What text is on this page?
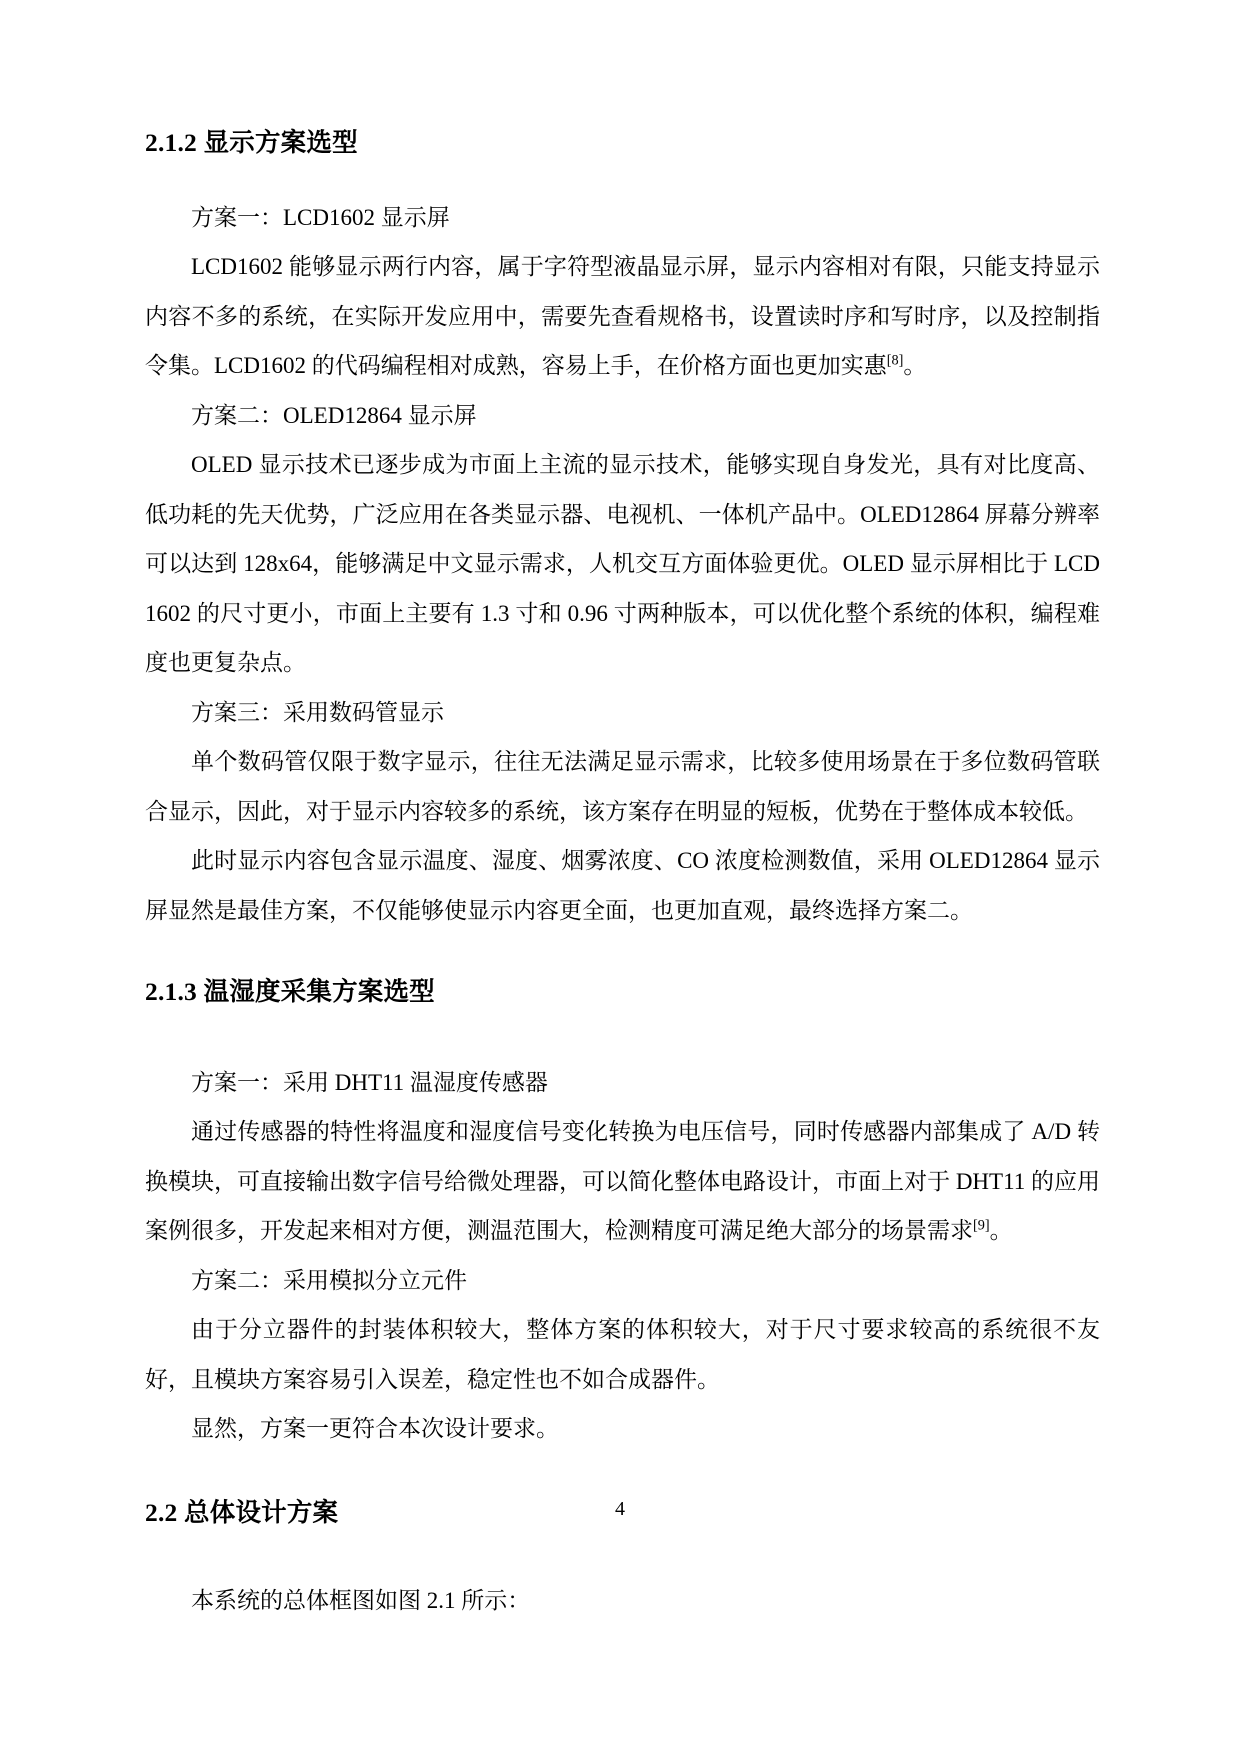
2.1.2 显示方案选型

方案一：LCD1602 显示屏

LCD1602 能够显示两行内容，属于字符型液晶显示屏，显示内容相对有限，只能支持显示内容不多的系统，在实际开发应用中，需要先查看规格书，设置读时序和写时序，以及控制指令集。LCD1602 的代码编程相对成熟，容易上手，在价格方面也更加实惠[8]。

方案二：OLED12864 显示屏

OLED 显示技术已逐步成为市面上主流的显示技术，能够实现自身发光，具有对比度高、低功耗的先天优势，广泛应用在各类显示器、电视机、一体机产品中。OLED12864 屏幕分辨率可以达到 128x64，能够满足中文显示需求，人机交互方面体验更优。OLED 显示屏相比于 LCD1602 的尺寸更小，市面上主要有 1.3 寸和 0.96 寸两种版本，可以优化整个系统的体积，编程难度也更复杂点。

方案三：采用数码管显示

单个数码管仅限于数字显示，往往无法满足显示需求，比较多使用场景在于多位数码管联合显示，因此，对于显示内容较多的系统，该方案存在明显的短板，优势在于整体成本较低。

此时显示内容包含显示温度、湿度、烟雾浓度、CO 浓度检测数值，采用 OLED12864 显示屏显然是最佳方案，不仅能够使显示内容更全面，也更加直观，最终选择方案二。

2.1.3 温湿度采集方案选型

方案一：采用 DHT11 温湿度传感器

通过传感器的特性将温度和湿度信号变化转换为电压信号，同时传感器内部集成了 A/D 转换模块，可直接输出数字信号给微处理器，可以简化整体电路设计，市面上对于 DHT11 的应用案例很多，开发起来相对方便，测温范围大，检测精度可满足绝大部分的场景需求[9]。

方案二：采用模拟分立元件

由于分立器件的封装体积较大，整体方案的体积较大，对于尺寸要求较高的系统很不友好，且模块方案容易引入误差，稳定性也不如合成器件。

显然，方案一更符合本次设计要求。

2.2 总体设计方案

本系统的总体框图如图 2.1 所示：

4
